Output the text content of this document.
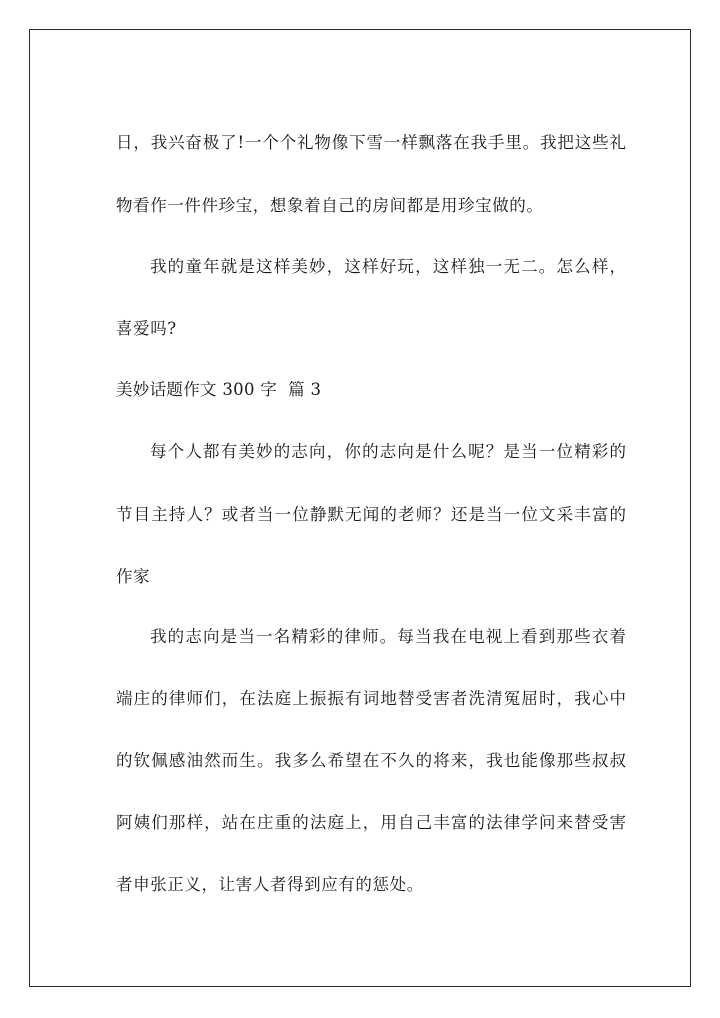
日，我兴奋极了!一个个礼物像下雪一样飘落在我手里。我把这些礼
物看作一件件珍宝，想象着自己的房间都是用珍宝做的。
我的童年就是这样美妙，这样好玩，这样独一无二。怎么样，
喜爱吗?
美妙话题作文 300 字  篇 3
每个人都有美妙的志向，你的志向是什么呢？是当一位精彩的
节目主持人？或者当一位静默无闻的老师？还是当一位文采丰富的
作家
我的志向是当一名精彩的律师。每当我在电视上看到那些衣着
端庄的律师们，在法庭上振振有词地替受害者洗清冤屈时，我心中
的钦佩感油然而生。我多么希望在不久的将来，我也能像那些叔叔
阿姨们那样，站在庄重的法庭上，用自己丰富的法律学问来替受害
者申张正义，让害人者得到应有的惩处。
